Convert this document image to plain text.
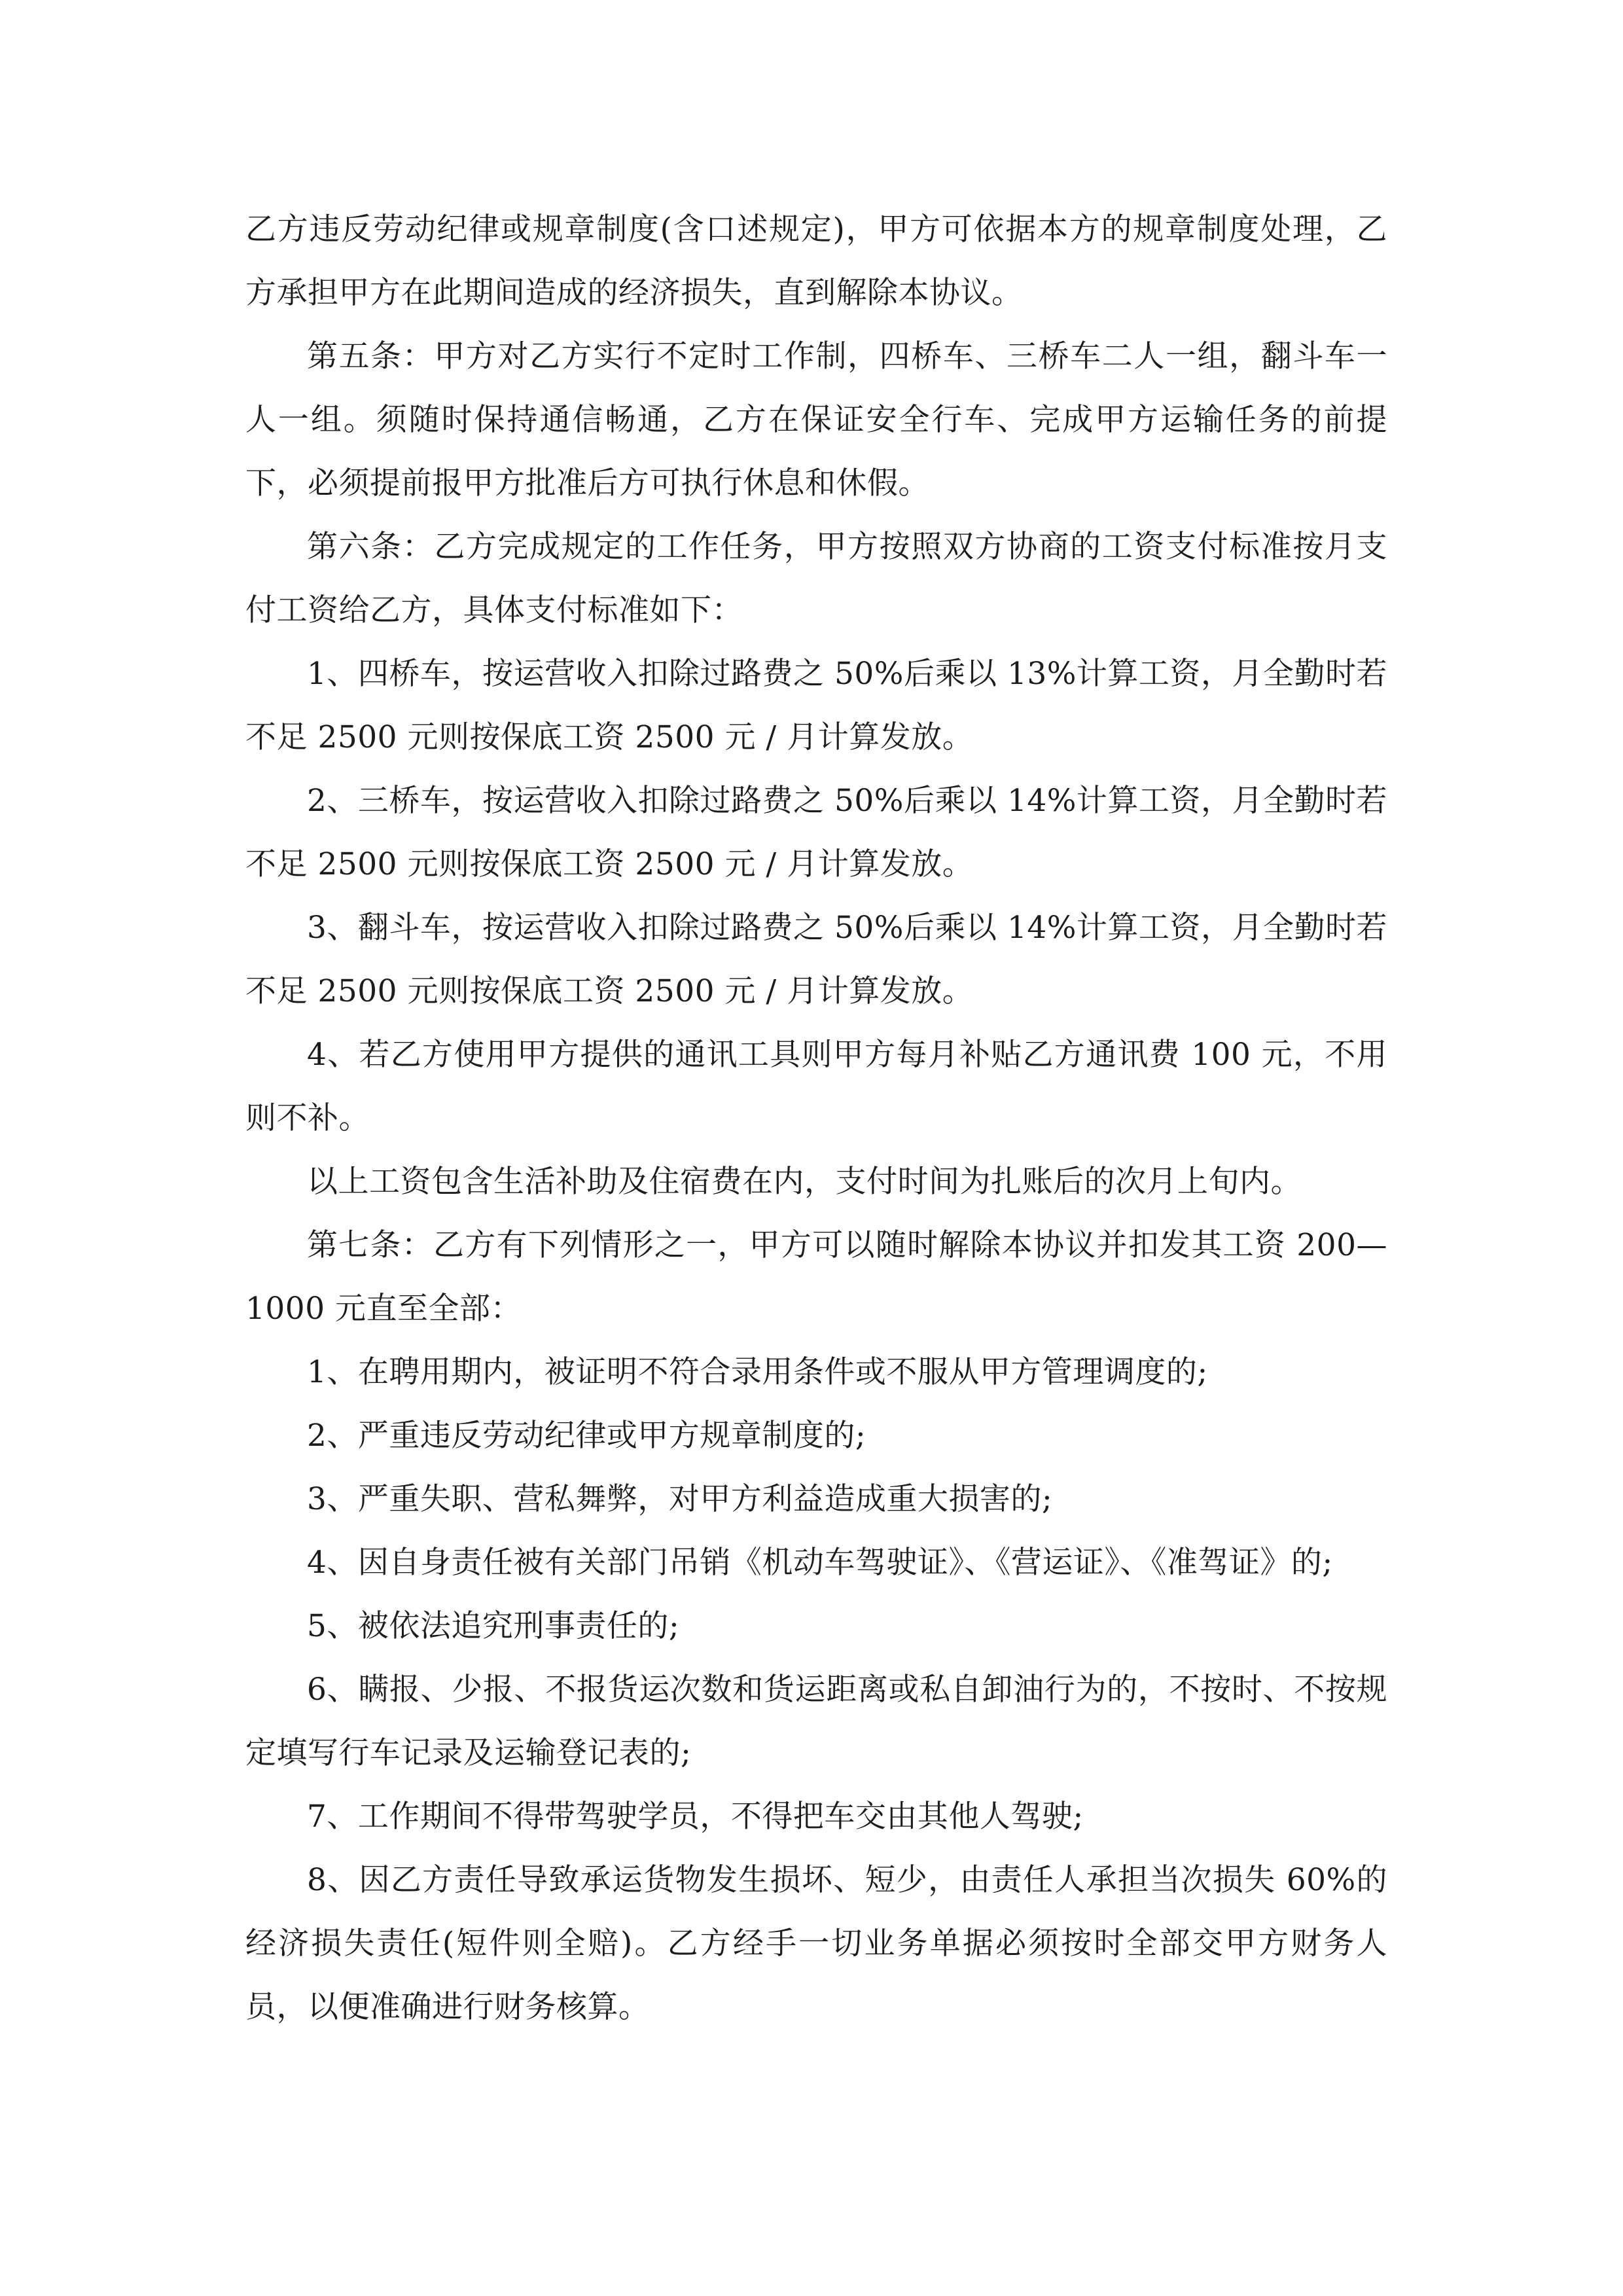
乙方违反劳动纪律或规章制度(含口述规定)，甲方可依据本方的规章制度处理，乙方承担甲方在此期间造成的经济损失，直到解除本协议。

第五条：甲方对乙方实行不定时工作制，四桥车、三桥车二人一组，翻斗车一人一组。须随时保持通信畅通，乙方在保证安全行车、完成甲方运输任务的前提下，必须提前报甲方批准后方可执行休息和休假。

第六条：乙方完成规定的工作任务，甲方按照双方协商的工资支付标准按月支付工资给乙方，具体支付标准如下：

1、四桥车，按运营收入扣除过路费之 50%后乘以 13%计算工资，月全勤时若不足 2500 元则按保底工资 2500 元 / 月计算发放。

2、三桥车，按运营收入扣除过路费之 50%后乘以 14%计算工资，月全勤时若不足 2500 元则按保底工资 2500 元 / 月计算发放。

3、翻斗车，按运营收入扣除过路费之 50%后乘以 14%计算工资，月全勤时若不足 2500 元则按保底工资 2500 元 / 月计算发放。

4、若乙方使用甲方提供的通讯工具则甲方每月补贴乙方通讯费 100 元，不用则不补。

以上工资包含生活补助及住宿费在内，支付时间为扎账后的次月上旬内。

第七条：乙方有下列情形之一，甲方可以随时解除本协议并扣发其工资 200—1000 元直至全部：

1、在聘用期内，被证明不符合录用条件或不服从甲方管理调度的;

2、严重违反劳动纪律或甲方规章制度的;

3、严重失职、营私舞弊，对甲方利益造成重大损害的;

4、因自身责任被有关部门吊销《机动车驾驶证》、《营运证》、《准驾证》的;

5、被依法追究刑事责任的;

6、瞒报、少报、不报货运次数和货运距离或私自卸油行为的，不按时、不按规定填写行车记录及运输登记表的;

7、工作期间不得带驾驶学员，不得把车交由其他人驾驶;

8、因乙方责任导致承运货物发生损坏、短少，由责任人承担当次损失 60%的经济损失责任(短件则全赔)。乙方经手一切业务单据必须按时全部交甲方财务人员，以便准确进行财务核算。
